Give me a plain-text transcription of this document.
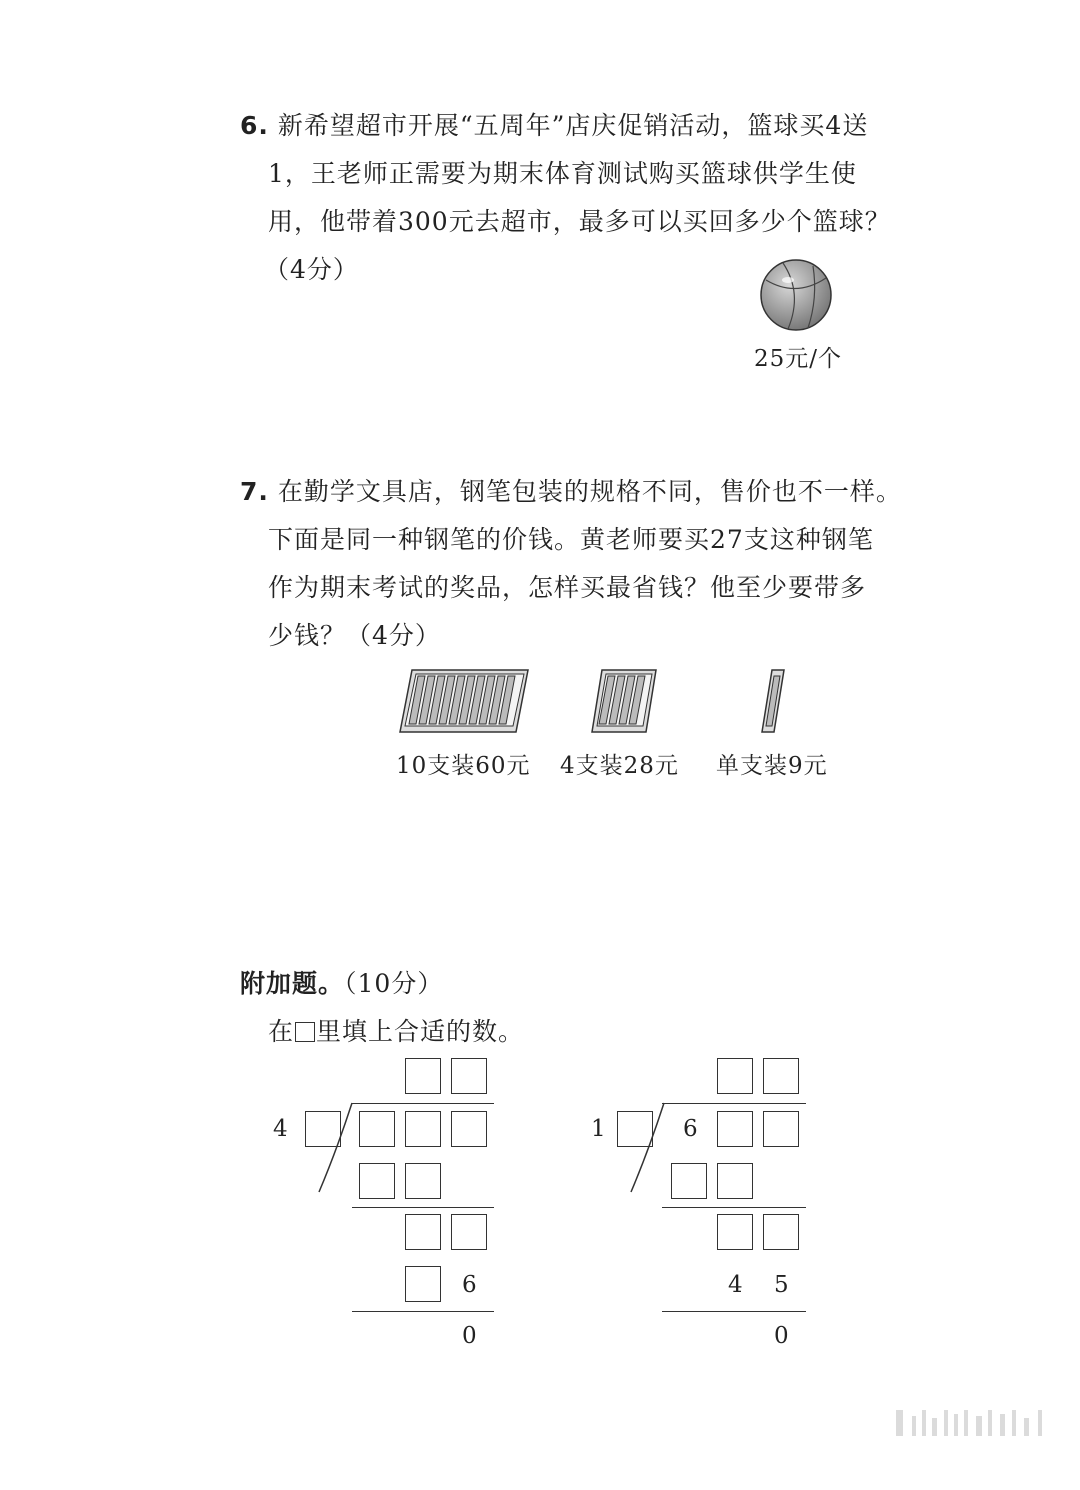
6. 新希望超市开展“五周年”店庆促销活动，篮球买4送
1，王老师正需要为期末体育测试购买篮球供学生使
用，他带着300元去超市，最多可以买回多少个篮球？
（4分）
25元/个
7. 在勤学文具店，钢笔包装的规格不同，售价也不一样。
下面是同一种钢笔的价钱。黄老师要买27支这种钢笔
作为期末考试的奖品，怎样买最省钱？他至少要带多
少钱？（4分）
10支装60元 4支装28元 单支装9元
附加题。（10分）
在 里填上合适的数。
4
6
0
1	6
4 5
0
